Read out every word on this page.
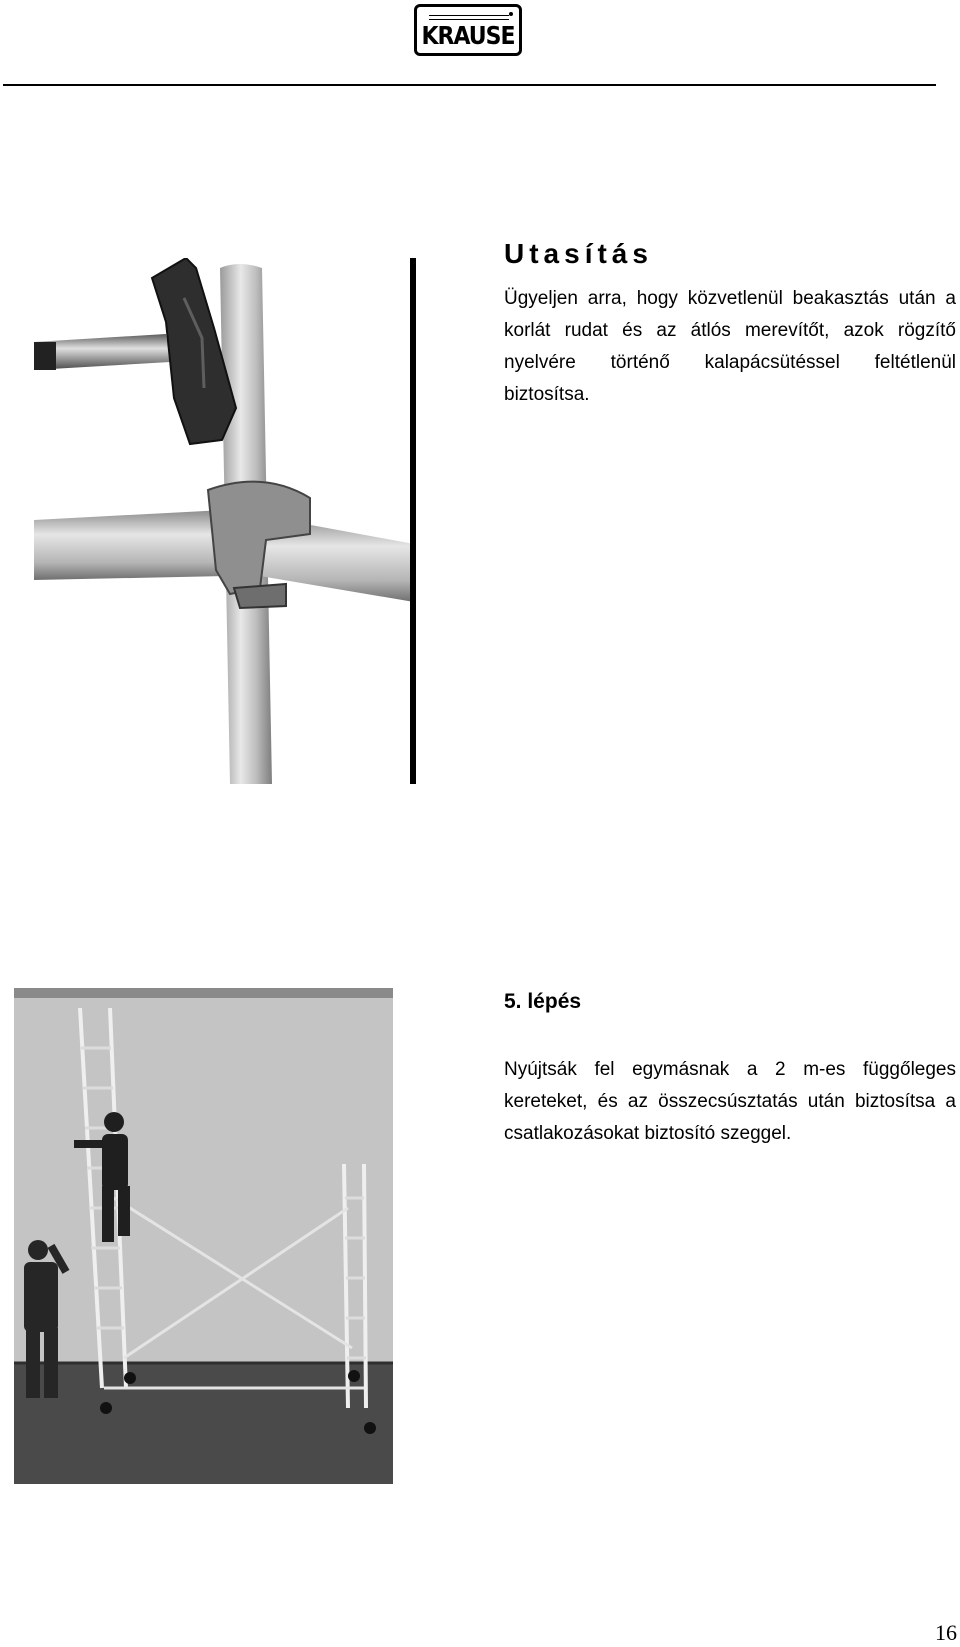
KRAUSE
Utasítás

Ügyeljen arra, hogy közvetlenül beakasztás után a korlát rudat és az átlós merevítőt, azok rögzítő nyelvére történő kalapácsütéssel feltétlenül biztosítsa.

5. lépés

Nyújtsák fel egymásnak a 2 m-es függőleges kereteket, és az összecsúsztatás után biztosítsa a csatlakozásokat biztosító szeggel.

16
